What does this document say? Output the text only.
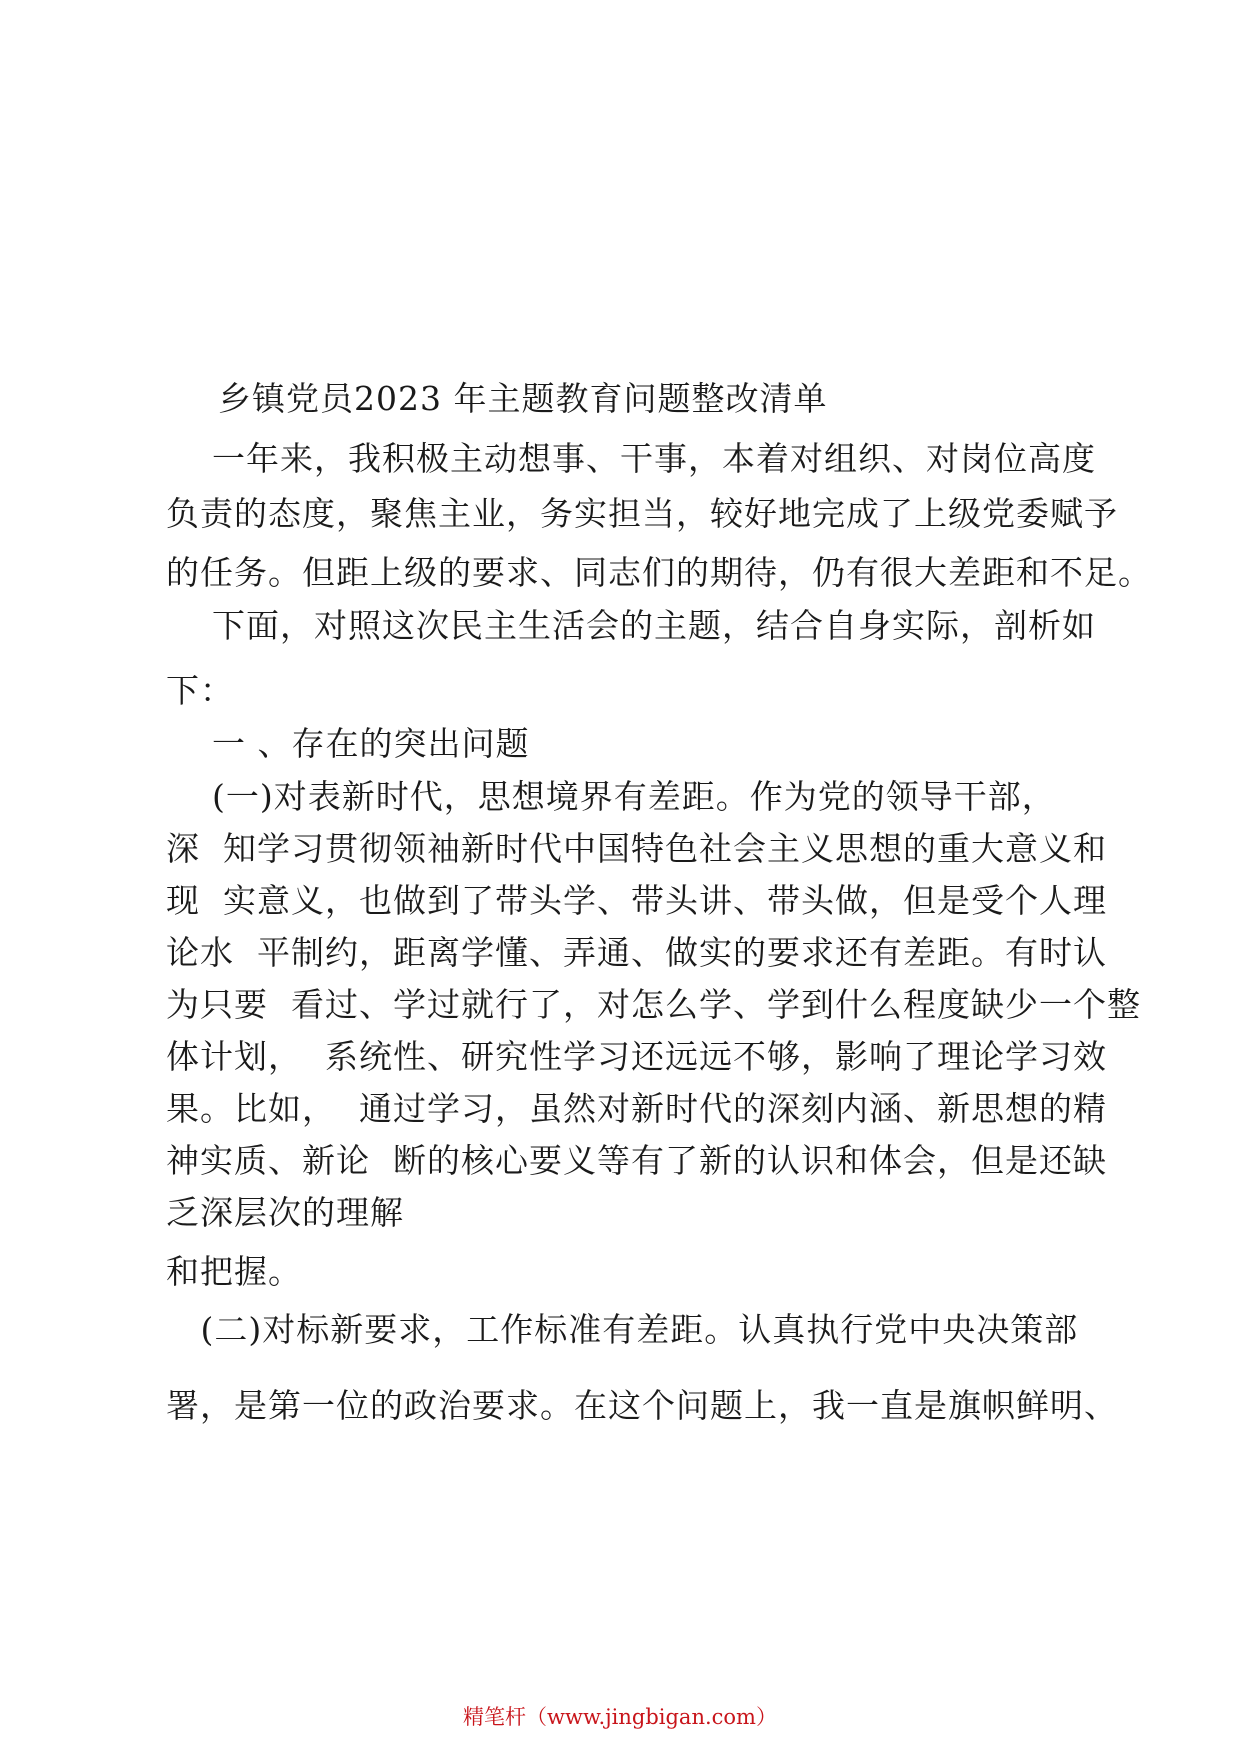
乡镇党员2023 年主题教育问题整改清单
一年来，我积极主动想事、干事，本着对组织、对岗位高度
负责的态度，聚焦主业，务实担当，较好地完成了上级党委赋予
的任务。但距上级的要求、同志们的期待，仍有很大差距和不足。
下面，对照这次民主生活会的主题，结合自身实际，剖析如
下：
一 、存在的突出问题
(一)对表新时代，思想境界有差距。作为党的领导干部，
深  知学习贯彻领袖新时代中国特色社会主义思想的重大意义和
现  实意义，也做到了带头学、带头讲、带头做，但是受个人理
论水  平制约，距离学懂、弄通、做实的要求还有差距。有时认
为只要  看过、学过就行了，对怎么学、学到什么程度缺少一个整
体计划，  系统性、研究性学习还远远不够，影响了理论学习效
果。比如，  通过学习，虽然对新时代的深刻内涵、新思想的精
神实质、新论  断的核心要义等有了新的认识和体会，但是还缺
乏深层次的理解
和把握。
(二)对标新要求，工作标准有差距。认真执行党中央决策部
署，是第一位的政治要求。在这个问题上，我一直是旗帜鲜明、
精笔杆（www.jingbigan.com）
